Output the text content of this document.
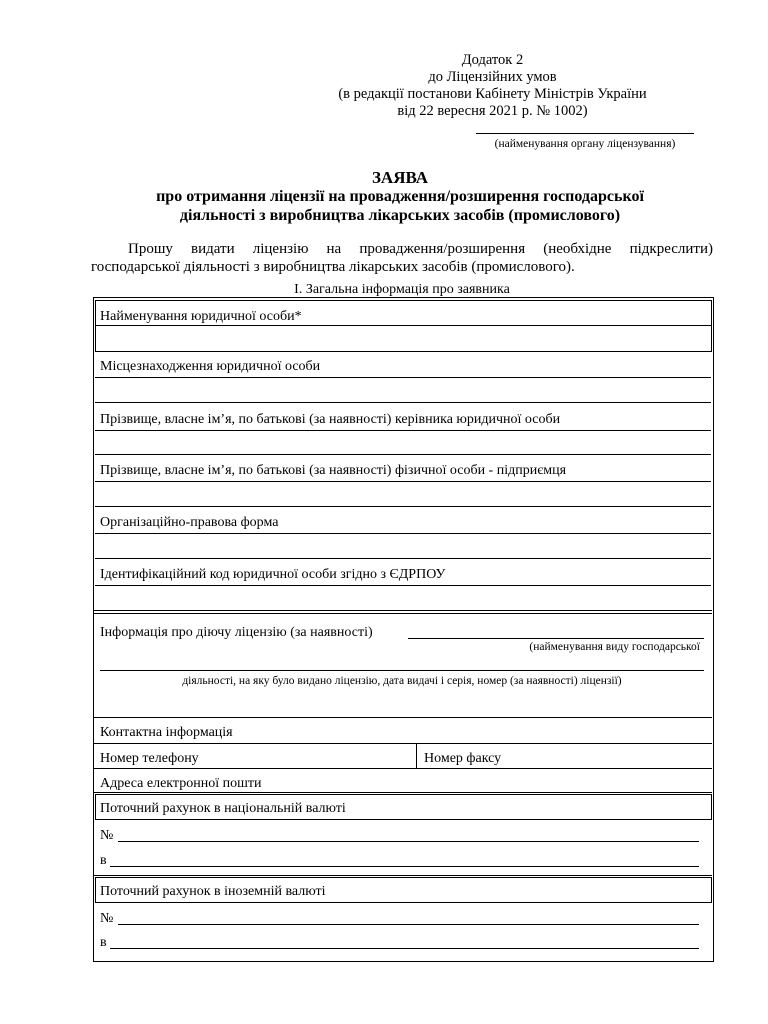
Додаток 2
до Ліцензійних умов
(в редакції постанови Кабінету Міністрів України
від 22 вересня 2021 р. № 1002)
(найменування органу ліцензування)
ЗАЯВА
про отримання ліцензії на провадження/розширення господарської
діяльності з виробництва лікарських засобів (промислового)
Прошу видати ліцензію на провадження/розширення (необхідне підкреслити)
господарської діяльності з виробництва лікарських засобів (промислового).
I. Загальна інформація про заявника
Найменування юридичної особи*
Місцезнаходження юридичної особи
Прізвище, власне ім’я, по батькові (за наявності) керівника юридичної особи
Прізвище, власне ім’я, по батькові (за наявності) фізичної особи - підприємця
Організаційно-правова форма
Ідентифікаційний код юридичної особи згідно з ЄДРПОУ
Інформація про діючу ліцензію (за наявності)
(найменування виду господарської
діяльності, на яку було видано ліцензію, дата видачі і серія, номер (за наявності) ліцензії)
Контактна інформація
Номер телефону	Номер факсу
Адреса електронної пошти
Поточний рахунок в національній валюті
№
в
Поточний рахунок в іноземній валюті
№
в
